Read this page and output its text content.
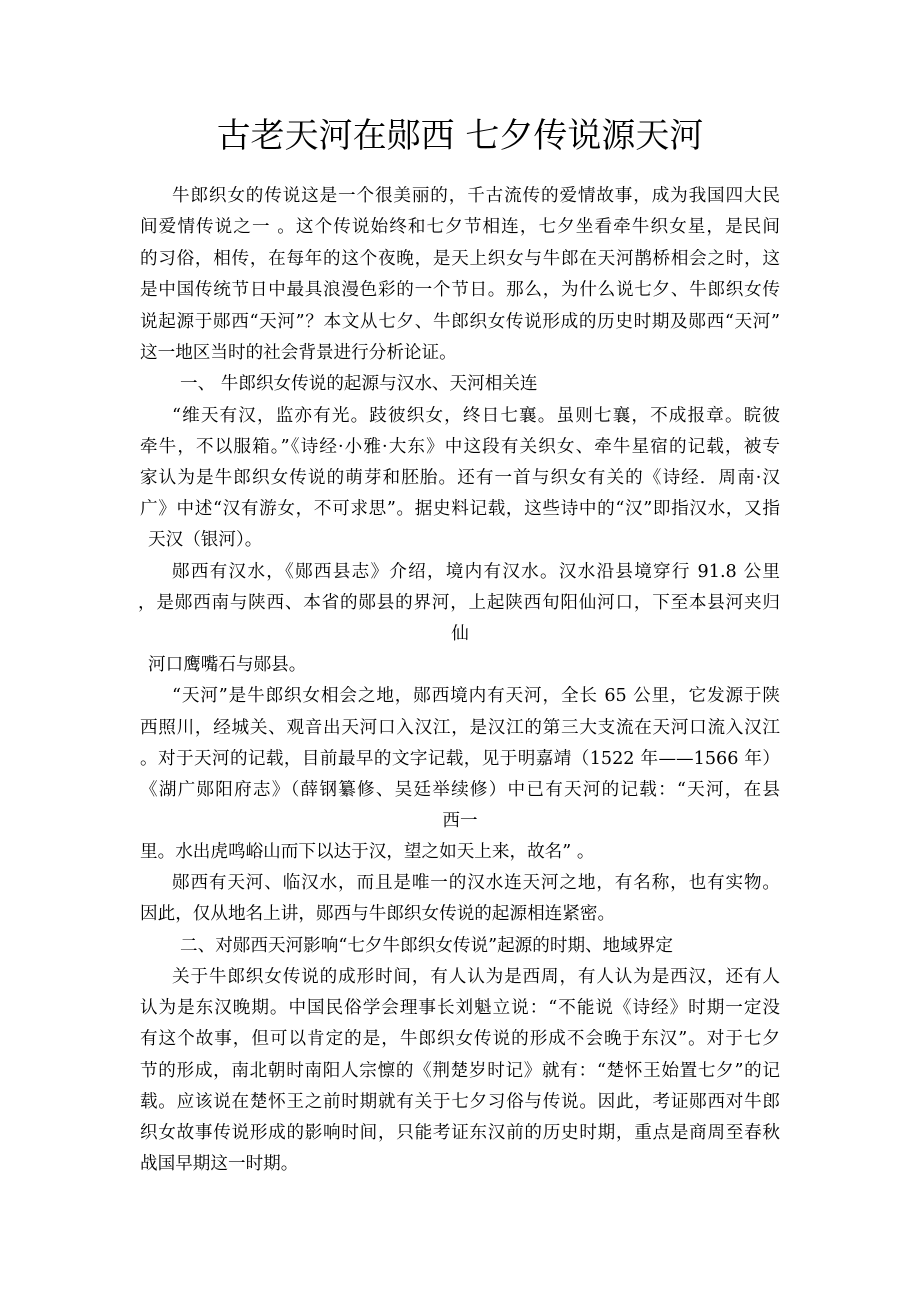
古老天河在郧西 七夕传说源天河
牛郎织女的传说这是一个很美丽的，千古流传的爱情故事，成为我国四大民
间爱情传说之一 。这个传说始终和七夕节相连，七夕坐看牵牛织女星，是民间
的习俗，相传，在每年的这个夜晚，是天上织女与牛郎在天河鹊桥相会之时，这
是中国传统节日中最具浪漫色彩的一个节日。那么，为什么说七夕、牛郎织女传
说起源于郧西“天河”？本文从七夕、牛郎织女传说形成的历史时期及郧西“天河”
这一地区当时的社会背景进行分析论证。
一、 牛郎织女传说的起源与汉水、天河相关连
“维天有汉，监亦有光。跂彼织女，终日七襄。虽则七襄，不成报章。睆彼
牵牛，不以服箱。”《诗经·小雅·大东》中这段有关织女、牵牛星宿的记载，被专
家认为是牛郎织女传说的萌芽和胚胎。还有一首与织女有关的《诗经．周南·汉
广》中述“汉有游女，不可求思”。据史料记载，这些诗中的“汉”即指汉水，又指
天汉（银河）。
郧西有汉水，《郧西县志》介绍，境内有汉水。汉水沿县境穿行 91.8 公里
，是郧西南与陕西、本省的郧县的界河，上起陕西旬阳仙河口，下至本县河夹归
仙
河口鹰嘴石与郧县。
“天河”是牛郎织女相会之地，郧西境内有天河，全长 65 公里，它发源于陕
西照川，经城关、观音出天河口入汉江，是汉江的第三大支流在天河口流入汉江
。对于天河的记载，目前最早的文字记载，见于明嘉靖（1522 年——1566 年）
《湖广郧阳府志》（薛钢纂修、吴廷举续修）中已有天河的记载：“天河，在县
西一
里。水出虎鸣峪山而下以达于汉，望之如天上来，故名” 。
郧西有天河、临汉水，而且是唯一的汉水连天河之地，有名称，也有实物。
因此，仅从地名上讲，郧西与牛郎织女传说的起源相连紧密。
二、对郧西天河影响“七夕牛郎织女传说”起源的时期、地域界定
关于牛郎织女传说的成形时间，有人认为是西周，有人认为是西汉，还有人
认为是东汉晚期。中国民俗学会理事长刘魁立说：“不能说《诗经》时期一定没
有这个故事，但可以肯定的是，牛郎织女传说的形成不会晚于东汉”。对于七夕
节的形成，南北朝时南阳人宗懔的《荆楚岁时记》就有：“楚怀王始置七夕”的记
载。应该说在楚怀王之前时期就有关于七夕习俗与传说。因此，考证郧西对牛郎
织女故事传说形成的影响时间，只能考证东汉前的历史时期，重点是商周至春秋
战国早期这一时期。
